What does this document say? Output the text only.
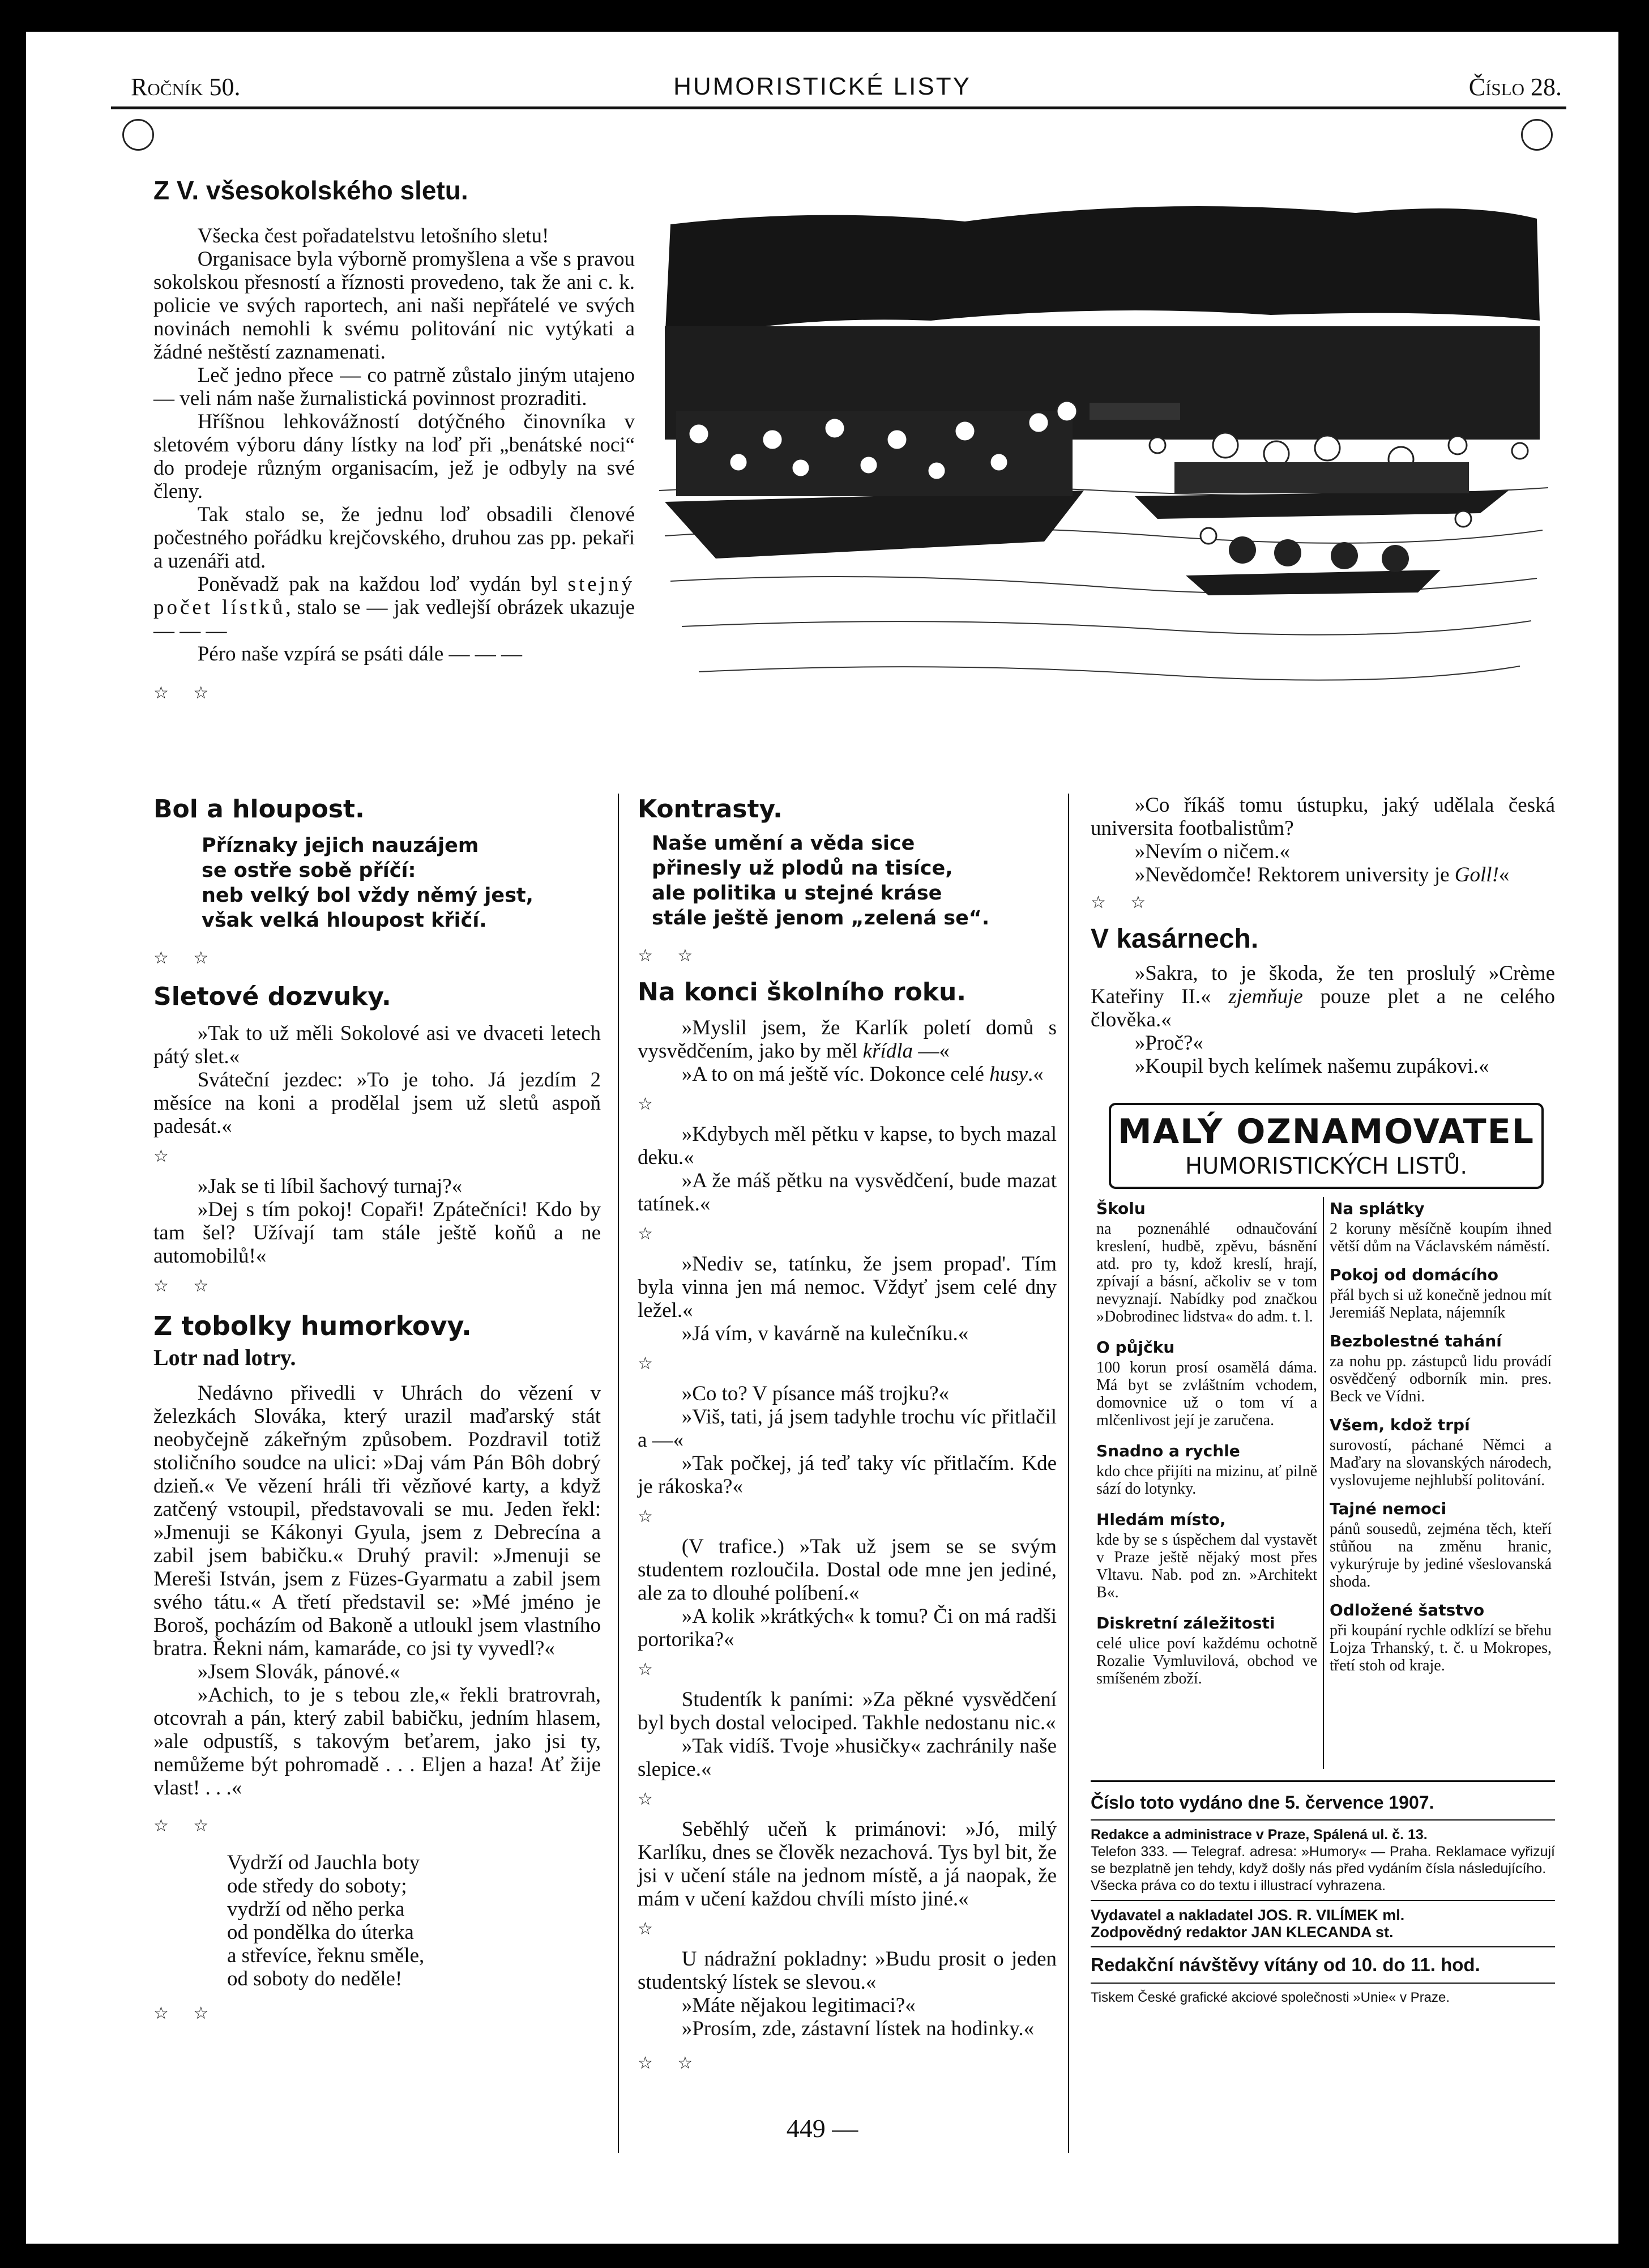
Ročník 50.	HUMORISTICKÉ LISTY	Číslo 28.

Z V. všesokolského sletu.

Všecka čest pořadatelstvu letošního sletu!

Organisace byla výborně promyšlena a vše s pravou sokolskou přesností a říznosti provedeno, tak že ani c. k. policie ve svých raportech, ani naši nepřátelé ve svých novinách nemohli k svému politování nic vytýkati a žádné neštěstí zaznamenati.

Leč jedno přece — co patrně zůstalo jiným utajeno — veli nám naše žurnalistická povinnost prozraditi.

Hříšnou lehkovážností dotýčného činovníka v sletovém výboru dány lístky na loď při „benátské noci“ do prodeje různým organisacím, jež je odbyly na své členy.

Tak stalo se, že jednu loď obsadili členové počestného pořádku krejčovského, druhou zas pp. pekaři a uzenáři atd.

Poněvadž pak na každou loď vydán byl stejný počet lístků, stalo se — jak vedlejší obrázek ukazuje — — —

Péro naše vzpírá se psáti dále — — —

☆ ☆

Bol a hloupost.

Příznaky jejich nauzájem

se ostře sobě příčí:

neb velký bol vždy němý jest,

však velká hloupost křičí.

☆ ☆

Sletové dozvuky.

»Tak to už měli Sokolové asi ve dvaceti letech pátý slet.«

Sváteční jezdec: »To je toho. Já jezdím 2 měsíce na koni a prodělal jsem už sletů aspoň padesát.«

☆

»Jak se ti líbil šachový turnaj?«

»Dej s tím pokoj! Copaři! Zpátečníci! Kdo by tam šel? Užívají tam stále ještě koňů a ne automobilů!«

☆ ☆

Z tobolky humorkovy.

Lotr nad lotry.

Nedávno přivedli v Uhrách do vězení v železkách Slováka, který urazil maďarský stát neobyčejně zákeřným způsobem. Pozdravil totiž stoličního soudce na ulici: »Daj vám Pán Bôh dobrý dzieň.« Ve vězení hráli tři vězňové karty, a když zatčený vstoupil, představovali se mu. Jeden řekl: »Jmenuji se Kákonyi Gyula, jsem z Debrecína a zabil jsem babičku.« Druhý pravil: »Jmenuji se Mereši István, jsem z Füzes-Gyarmatu a zabil jsem svého tátu.« A třetí představil se: »Mé jméno je Boroš, pocházím od Bakoně a utloukl jsem vlastního bratra. Řekni nám, kamaráde, co jsi ty vyvedl?«

»Jsem Slovák, pánové.«

»Achich, to je s tebou zle,« řekli bratrovrah, otcovrah a pán, který zabil babičku, jedním hlasem, »ale odpustíš, s takovým beťarem, jako jsi ty, nemůžeme být pohromadě . . . Eljen a haza! Ať žije vlast! . . .«

☆ ☆

Vydrží od Jauchla boty

ode středy do soboty;

vydrží od něho perka

od pondělka do úterka

a střevíce, řeknu směle,

od soboty do neděle!

☆ ☆

Kontrasty.

Naše umění a věda sice

přinesly už plodů na tisíce,

ale politika u stejné krásе

stále ještě jenom „zelená se“.

☆ ☆

Na konci školního roku.

»Myslil jsem, že Karlík poletí domů s vysvědčením, jako by měl křídla —«

»A to on má ještě víc. Dokonce celé husy.«

☆

»Kdybych měl pětku v kapse, to bych mazal deku.«

»A že máš pětku na vysvědčení, bude mazat tatínek.«

☆

»Nediv se, tatínku, že jsem propad'. Tím byla vinna jen má nemoc. Vždyť jsem celé dny ležel.«

»Já vím, v kavárně na kulečníku.«

☆

»Co to? V písance máš trojku?«

»Viš, tati, já jsem tadyhle trochu víc přitlačil a —«

»Tak počkej, já teď taky víc přitlačím. Kde je rákoska?«

☆

(V trafice.) »Tak už jsem se se svým studentem rozloučila. Dostal ode mne jen jediné, ale za to dlouhé políbení.«

»A kolik »krátkých« k tomu? Či on má radši portorika?«

☆

Studentík k paními: »Za pěkné vysvědčení byl bych dostal velociped. Takhle nedostanu nic.«

»Tak vidíš. Tvoje »husičky« zachránily naše slepice.«

☆

Seběhlý učeň k primánovi: »Jó, milý Karlíku, dnes se člověk nezachová. Tys byl bit, že jsi v učení stále na jednom místě, a já naopak, že mám v učení každou chvíli místo jiné.«

☆

U nádražní pokladny: »Budu prosit o jeden studentský lístek se slevou.«

»Máte nějakou legitimaci?«

»Prosím, zde, zástavní lístek na hodinky.«

☆ ☆

»Co říkáš tomu ústupku, jaký udělala česká universita footbalistům?

»Nevím o ničem.«

»Nevědomče! Rektorem university je Goll!«

☆ ☆

V kasárnech.

»Sakra, to je škoda, že ten proslulý »Crème Kateřiny II.« zjemňuje pouze plet a ne celého člověka.«

»Proč?«

»Koupil bych kelímek našemu zupákovi.«

MALÝ OZNAMOVATEL
HUMORISTICKÝCH LISTŮ.

Školu

na poznenáhlé odnaučování kreslení, hudbě, zpěvu, básnění atd. pro ty, kdož kreslí, hrají, zpívají a básní, ačkoliv se v tom nevyznají. Nabídky pod značkou »Dobrodinec lidstva« do adm. t. l.

O půjčku

100 korun prosí osamělá dáma. Má byt se zvláštním vchodem, domovnice už o tom ví a mlčenlivost její je zaručena.

Snadno a rychle

kdo chce přijíti na mizinu, ať pilně sází do lotynky.

Hledám místo,

kde by se s úspěchem dal vystavět v Praze ještě nějaký most přes Vltavu. Nab. pod zn. »Architekt B«.

Diskretní záležitosti

celé ulice poví každému ochotně Rozalie Vymluvilová, obchod ve smíšeném zboží.

Na splátky

2 koruny měsíčně koupím ihned větší dům na Václavském náměstí.

Pokoj od domácího

přál bych si už konečně jednou mít Jeremiáš Neplata, nájemník

Bezbolestné tahání

za nohu pp. zástupců lidu provádí osvědčený odborník min. pres. Beck ve Vídni.

Všem, kdož trpí

surovostí, páchané Němci a Maďary na slovanských národech, vyslovujeme nejhlubší politování.

Tajné nemoci

pánů sousedů, zejména těch, kteří stůňou na změnu hranic, vykurýruje by jediné všeslovanská shoda.

Odložené šatstvo

při koupání rychle odklízí se břehu Lojza Trhanský, t. č. u Mokropes, třetí stoh od kraje.

Číslo toto vydáno dne 5. července 1907.

Redakce a administrace v Praze, Spálená ul. č. 13.

Telefon 333. — Telegraf. adresa: »Humory« — Praha. Reklamace vyřizují se bezplatně jen tehdy, když došly nás před vydáním čísla následujícího.

Všecka práva co do textu i illustrací vyhrazena.

Vydavatel a nakladatel JOS. R. VILÍMEK ml.

Zodpovědný redaktor JAN KLECANDA st.

Redakční návštěvy vítány od 10. do 11. hod.

Tiskem České grafické akciové společnosti »Unie« v Praze.

449 —
